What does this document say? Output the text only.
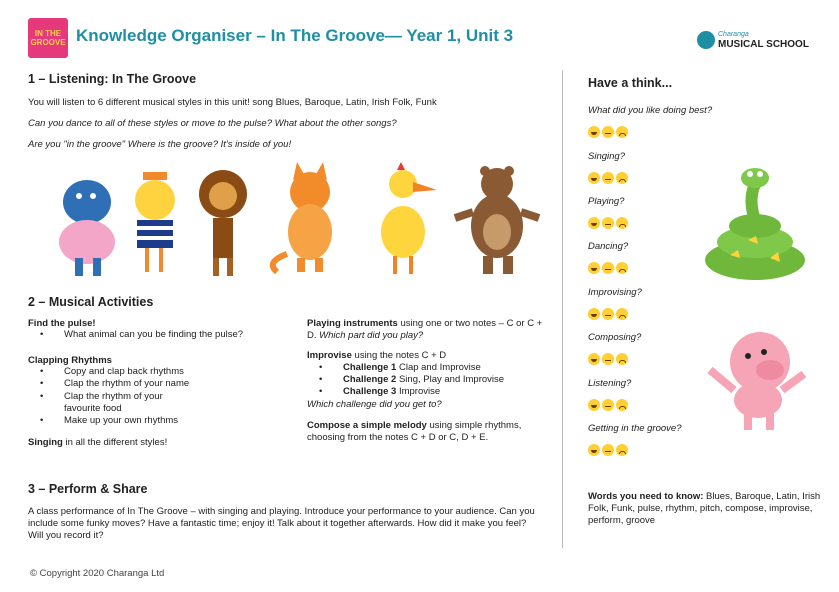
IN THE GROOVE Knowledge Organiser – In The Groove— Year 1, Unit 3	Charanga
MUSICAL SCHOOL
1 – Listening: In The Groove

You will listen to 6 different musical styles in this unit! song Blues, Baroque, Latin, Irish Folk, Funk

Can you dance to all of these styles or move to the pulse? What about the other songs?

Are you "in the groove" Where is the groove? It's inside of you!

2 – Musical Activities
Find the pulse!
• What animal can you be finding the pulse?
Clapping Rhythms
• Copy and clap back rhythms
• Clap the rhythm of your name
• Clap the rhythm of your favourite food
• Make up your own rhythms
Singing in all the different styles!
Playing instruments using one or two notes – C or C + D. Which part did you play?
Improvise using the notes C + D
• Challenge 1 Clap and Improvise
• Challenge 2 Sing, Play and Improvise
• Challenge 3 Improvise
Which challenge did you get to?
Compose a simple melody using simple rhythms, choosing from the notes C + D or C, D + E.
3 – Perform & Share

A class performance of In The Groove – with singing and playing. Introduce your performance to your audience. Can you include some funky moves? Have a fantastic time; enjoy it! Talk about it together afterwards. How did it make you feel? Will you record it?

Have a think...
What did you like doing best?
Singing?
Playing?
Dancing?
Improvising?
Composing?
Listening?
Getting in the groove?

Words you need to know: Blues, Baroque, Latin, Irish Folk, Funk, pulse, rhythm, pitch, compose, improvise, perform, groove

© Copyright 2020 Charanga Ltd
